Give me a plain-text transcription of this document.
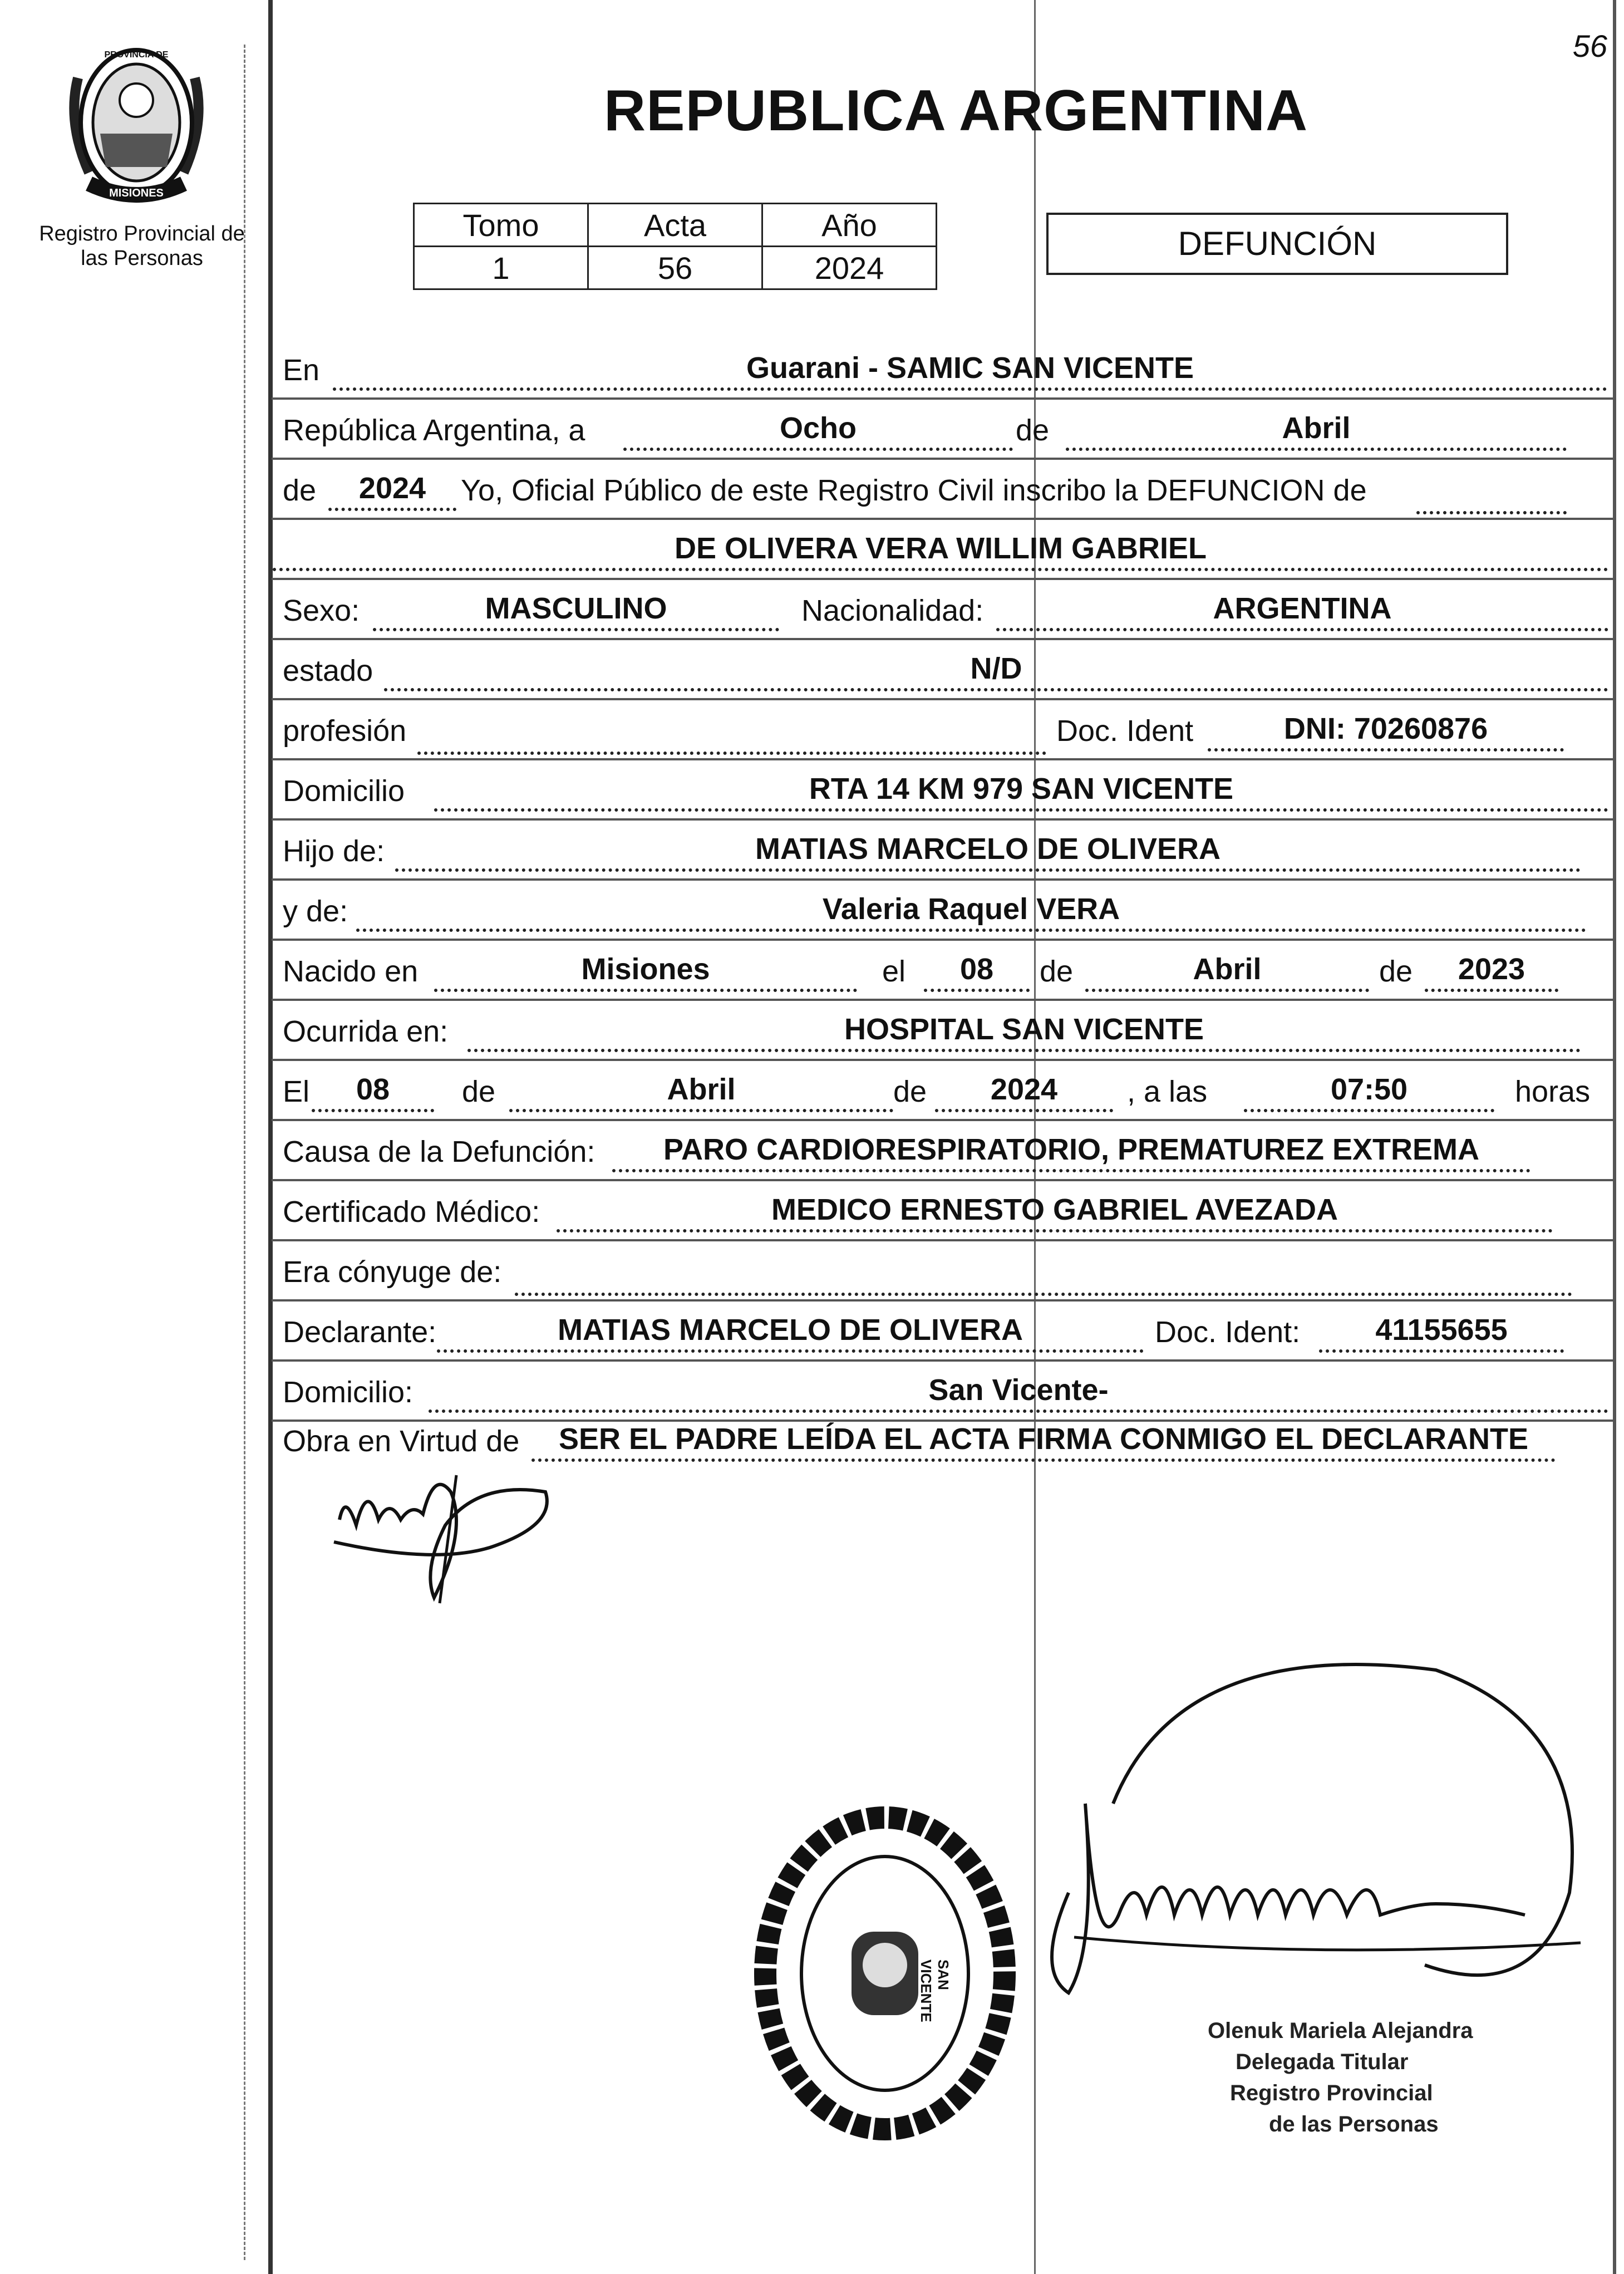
56
PROVINCIA DE
MISIONES
Registro Provincial de
las Personas
REPUBLICA ARGENTINA
Tomo	Acta	Año
1	56	2024
DEFUNCIÓN
En	Guarani - SAMIC SAN VICENTE
República Argentina, a	Ocho	de	Abril
de	2024	Yo, Oficial Público de este Registro Civil inscribo la DEFUNCION de
DE OLIVERA VERA WILLIM GABRIEL
Sexo:	MASCULINO	Nacionalidad:	ARGENTINA
estado	N/D
profesión	Doc. Ident	DNI: 70260876
Domicilio	RTA 14 KM 979 SAN VICENTE
Hijo de:	MATIAS MARCELO DE OLIVERA
y de:	Valeria Raquel VERA
Nacido en	Misiones	el	08	de	Abril	de	2023
Ocurrida en:	HOSPITAL SAN VICENTE
El	08	de	Abril	de	2024	, a las	07:50	horas
Causa de la Defunción:	PARO CARDIORESPIRATORIO, PREMATUREZ EXTREMA
Certificado Médico:	MEDICO ERNESTO GABRIEL AVEZADA
Era cónyuge de:
Declarante:	MATIAS MARCELO DE OLIVERA	Doc. Ident:	41155655
Domicilio:	San Vicente-
Obra en Virtud de	SER EL PADRE LEÍDA EL ACTA FIRMA CONMIGO EL DECLARANTE
SAN VICENTE
Olenuk Mariela Alejandra
Delegada Titular
Registro Provincial
de las Personas
